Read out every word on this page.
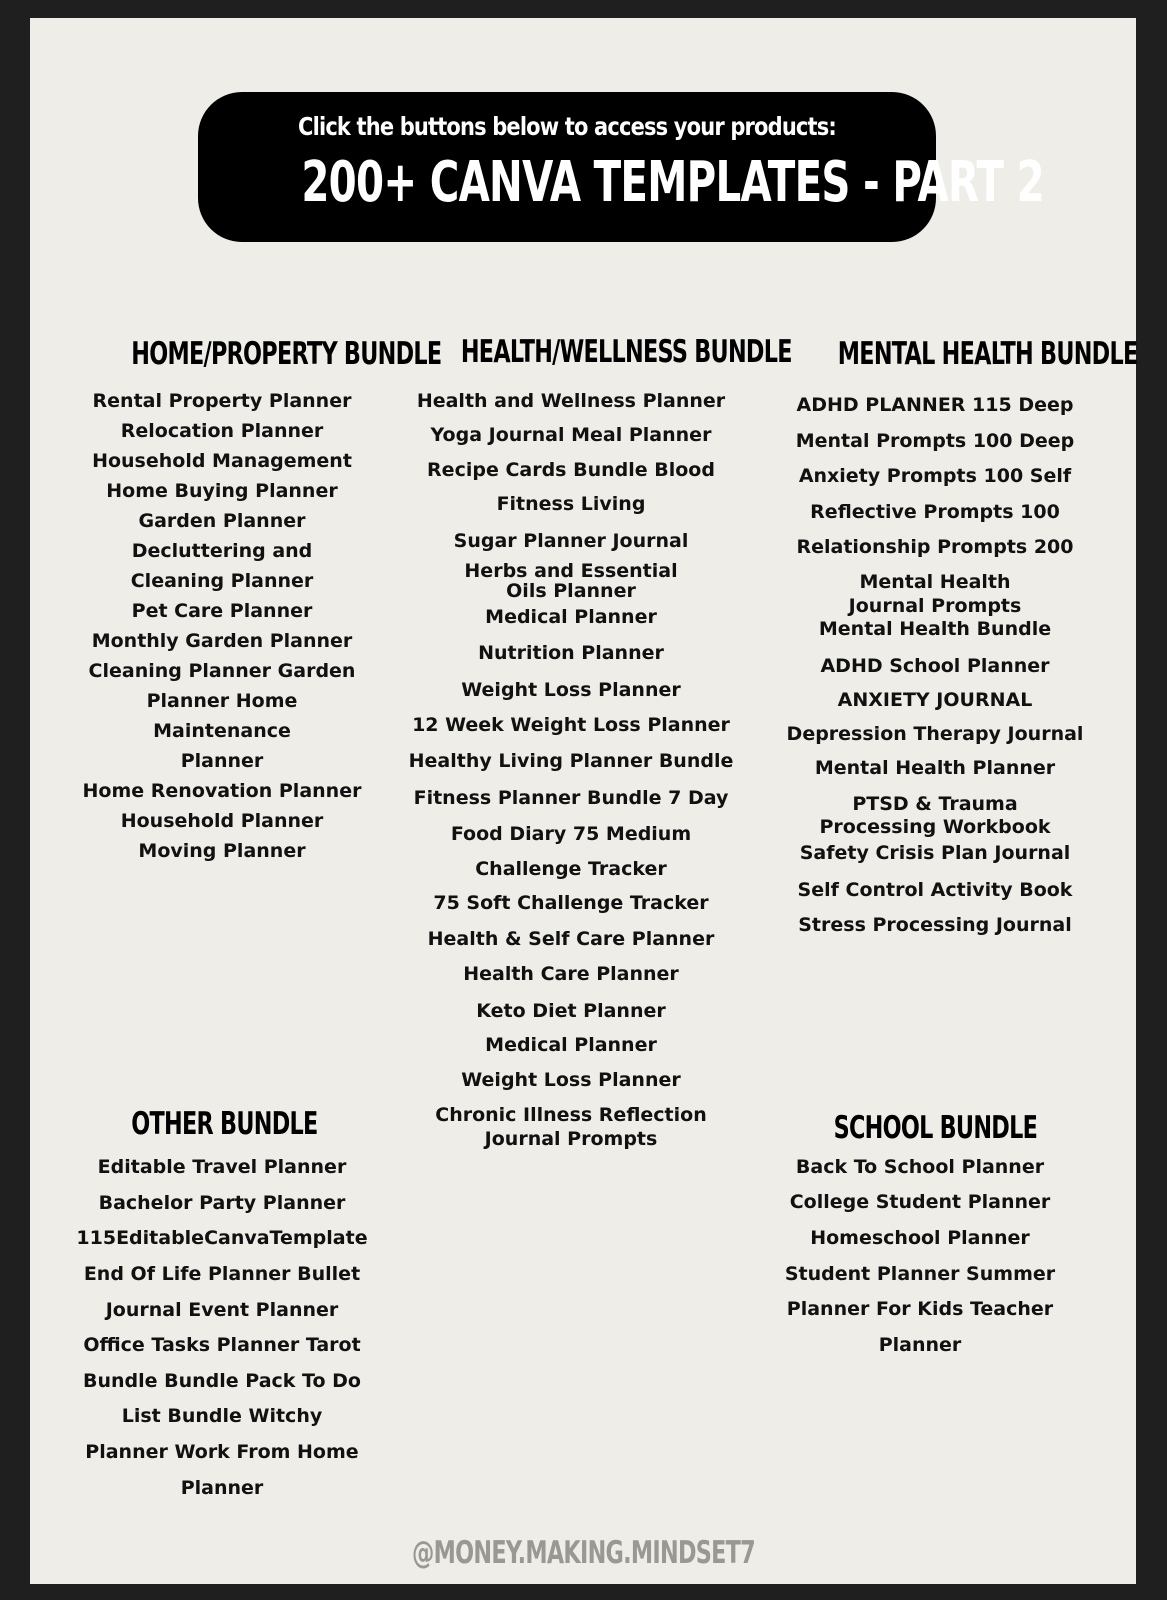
Click the buttons below to access your products:
200+ CANVA TEMPLATES - PART 2
HOME/PROPERTY BUNDLE
Rental Property Planner
Relocation Planner
Household Management
Home Buying Planner
Garden Planner
Decluttering and
Cleaning Planner
Pet Care Planner
Monthly Garden Planner
Cleaning Planner Garden
Planner Home
Maintenance
Planner
Home Renovation Planner
Household Planner
Moving Planner
HEALTH/WELLNESS BUNDLE
Health and Wellness Planner
Yoga Journal Meal Planner
Recipe Cards Bundle Blood
Fitness Living
Sugar Planner Journal
Herbs and Essential
Oils Planner
Medical Planner
Nutrition Planner
Weight Loss Planner
12 Week Weight Loss Planner
Healthy Living Planner Bundle
Fitness Planner Bundle 7 Day
Food Diary 75 Medium
Challenge Tracker
75 Soft Challenge Tracker
Health & Self Care Planner
Health Care Planner
Keto Diet Planner
Medical Planner
Weight Loss Planner
Chronic Illness Reflection
Journal Prompts
MENTAL HEALTH BUNDLE
ADHD PLANNER 115 Deep
Mental Prompts 100 Deep
Anxiety Prompts 100 Self
Reflective Prompts 100
Relationship Prompts 200
Mental Health
Journal Prompts
Mental Health Bundle
ADHD School Planner
ANXIETY JOURNAL
Depression Therapy Journal
Mental Health Planner
PTSD & Trauma
Processing Workbook
Safety Crisis Plan Journal
Self Control Activity Book
Stress Processing Journal
OTHER BUNDLE
Editable Travel Planner
Bachelor Party Planner
115EditableCanvaTemplate
End Of Life Planner Bullet
Journal Event Planner
Office Tasks Planner Tarot
Bundle Bundle Pack To Do
List Bundle Witchy
Planner Work From Home
Planner
SCHOOL BUNDLE
Back To School Planner
College Student Planner
Homeschool Planner
Student Planner Summer
Planner For Kids Teacher
Planner
@MONEY.MAKING.MINDSET7
